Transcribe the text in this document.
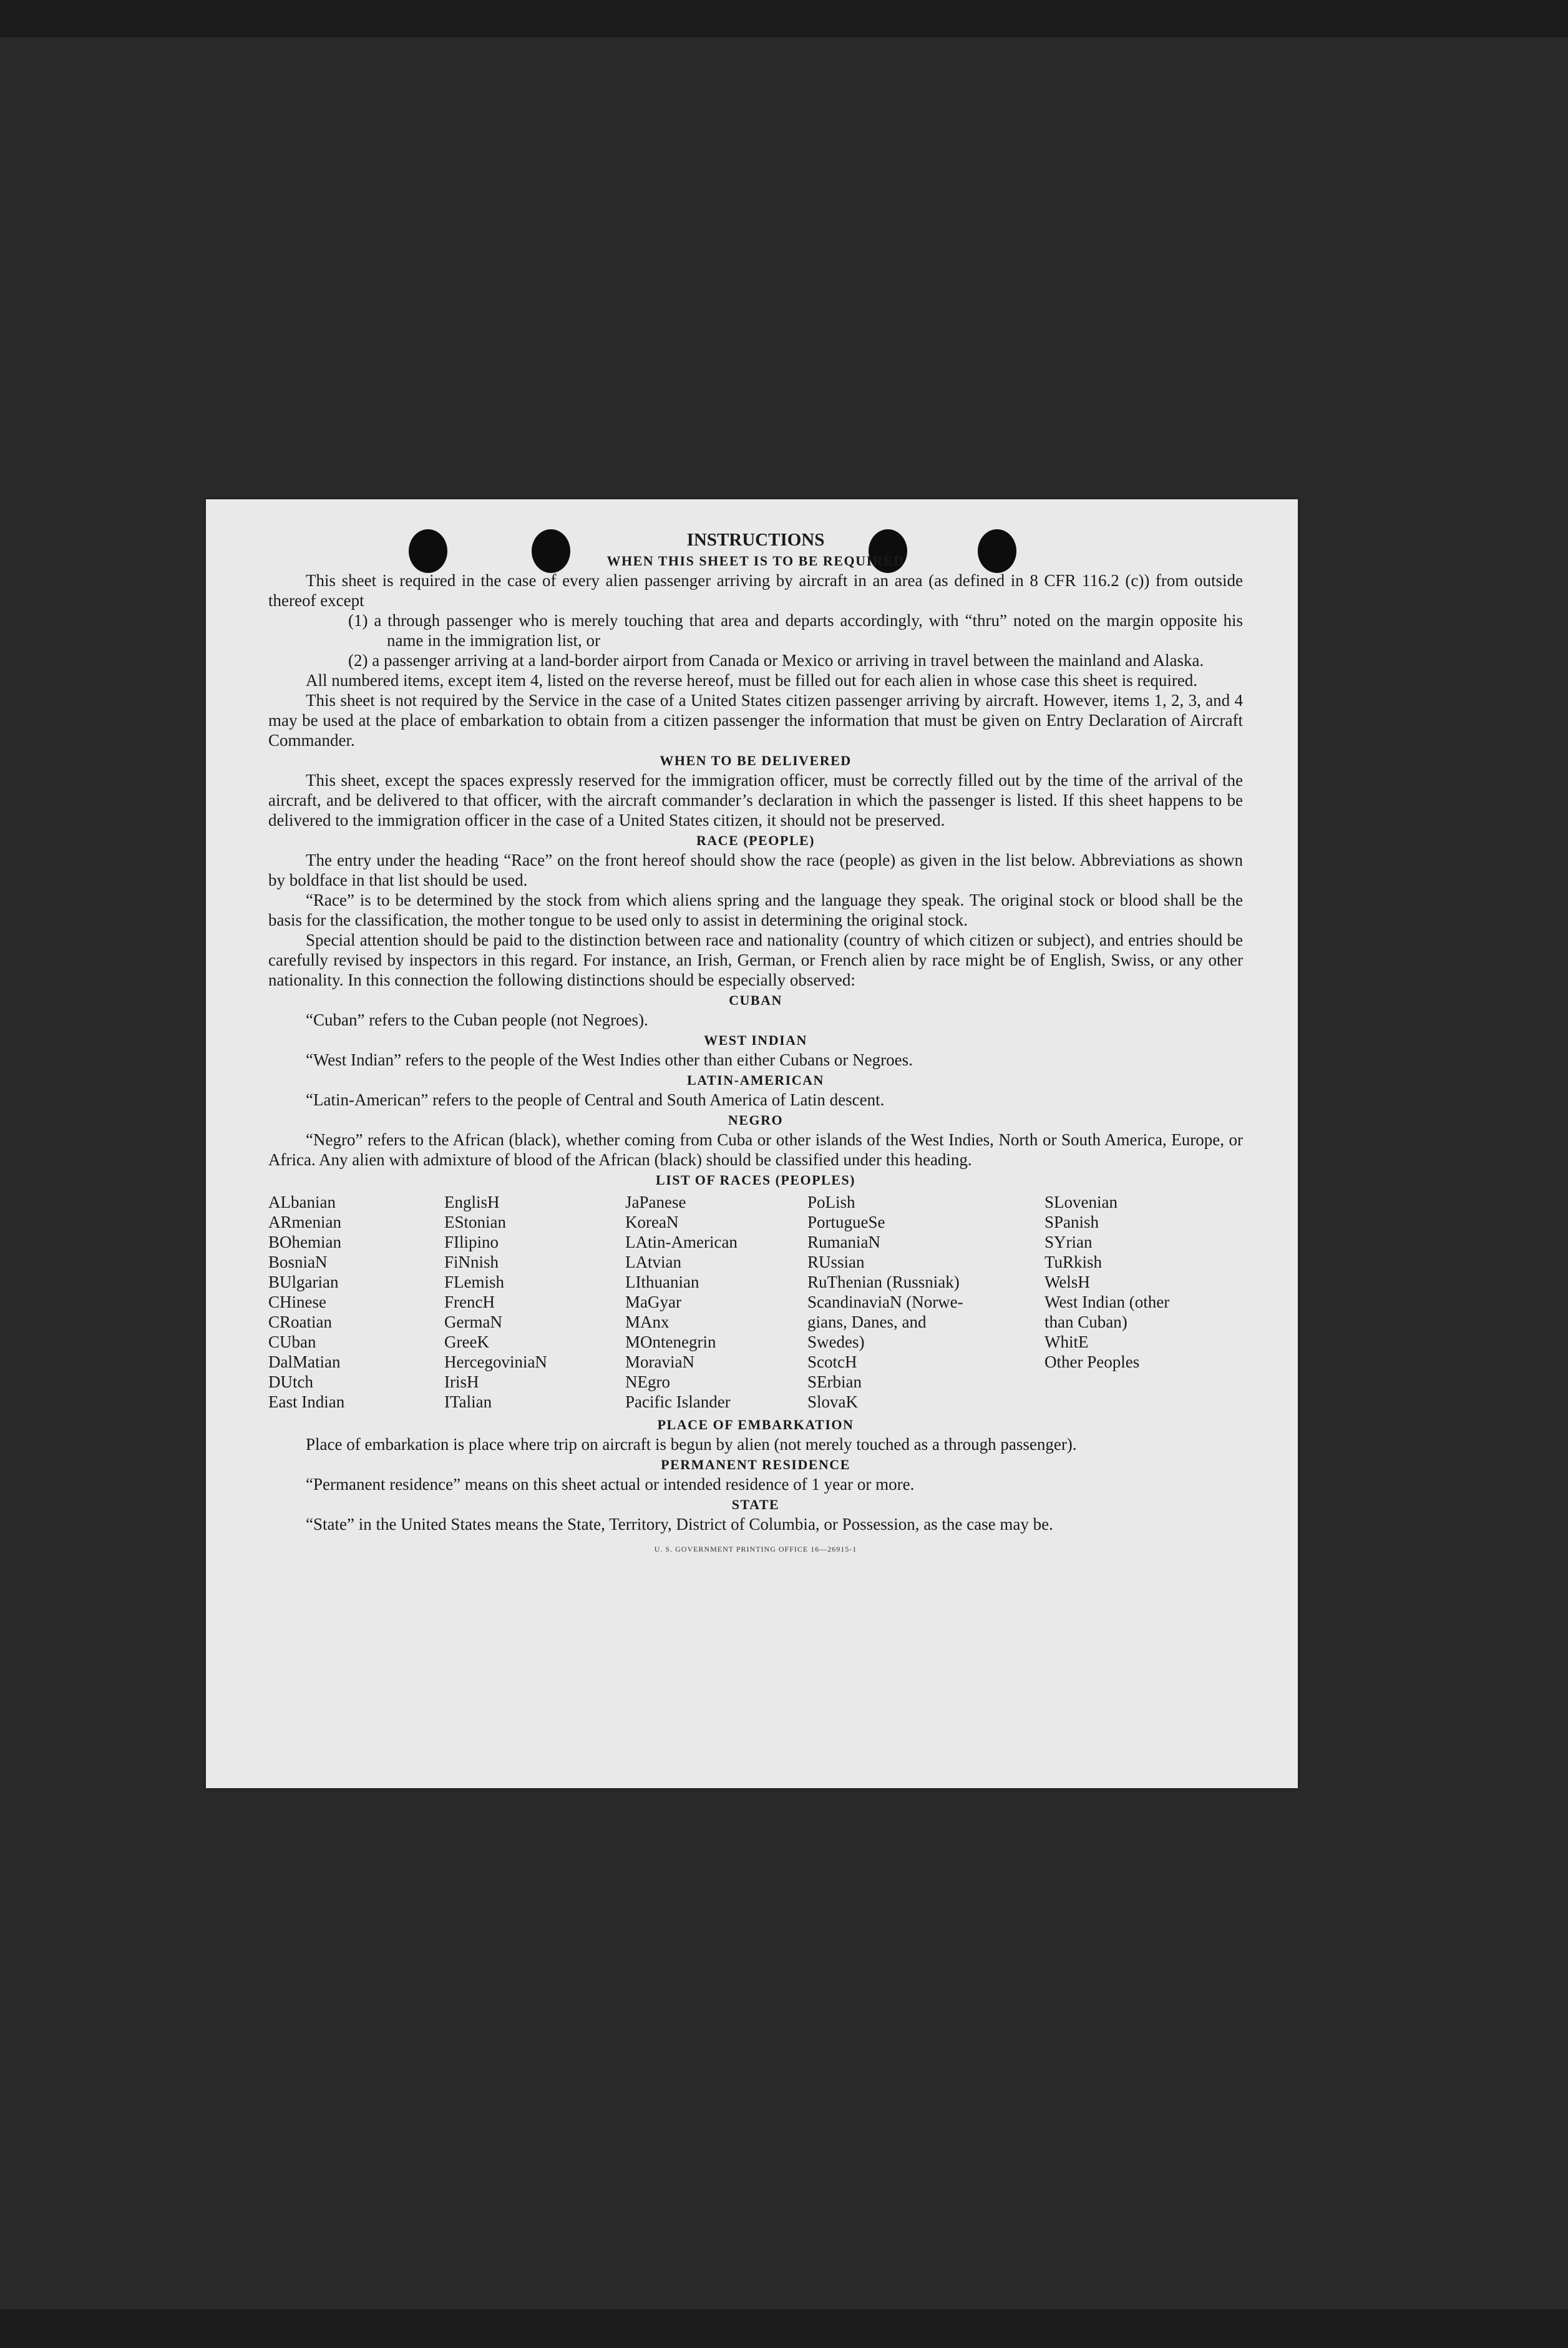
INSTRUCTIONS
WHEN THIS SHEET IS TO BE REQUIRED

This sheet is required in the case of every alien passenger arriving by aircraft in an area (as defined in 8 CFR 116.2 (c)) from outside thereof except

(1) a through passenger who is merely touching that area and departs accordingly, with “thru” noted on the margin opposite his name in the immigration list, or

(2) a passenger arriving at a land-border airport from Canada or Mexico or arriving in travel between the mainland and Alaska.

All numbered items, except item 4, listed on the reverse hereof, must be filled out for each alien in whose case this sheet is required.

This sheet is not required by the Service in the case of a United States citizen passenger arriving by aircraft. However, items 1, 2, 3, and 4 may be used at the place of embarkation to obtain from a citizen passenger the information that must be given on Entry Declaration of Aircraft Commander.

WHEN TO BE DELIVERED

This sheet, except the spaces expressly reserved for the immigration officer, must be correctly filled out by the time of the arrival of the aircraft, and be delivered to that officer, with the aircraft commander’s declaration in which the passenger is listed. If this sheet happens to be delivered to the immigration officer in the case of a United States citizen, it should not be preserved.

RACE (PEOPLE)

The entry under the heading “Race” on the front hereof should show the race (people) as given in the list below. Abbreviations as shown by boldface in that list should be used.

“Race” is to be determined by the stock from which aliens spring and the language they speak. The original stock or blood shall be the basis for the classification, the mother tongue to be used only to assist in determining the original stock.

Special attention should be paid to the distinction between race and nationality (country of which citizen or subject), and entries should be carefully revised by inspectors in this regard. For instance, an Irish, German, or French alien by race might be of English, Swiss, or any other nationality. In this connection the following distinctions should be especially observed:

CUBAN

“Cuban” refers to the Cuban people (not Negroes).

WEST INDIAN

“West Indian” refers to the people of the West Indies other than either Cubans or Negroes.

LATIN-AMERICAN

“Latin-American” refers to the people of Central and South America of Latin descent.

NEGRO

“Negro” refers to the African (black), whether coming from Cuba or other islands of the West Indies, North or South America, Europe, or Africa. Any alien with admixture of blood of the African (black) should be classified under this heading.

LIST OF RACES (PEOPLES)
ALbanian
ARmenian
BOhemian
BosniaN
BUlgarian
CHinese
CRoatian
CUban
DalMatian
DUtch
East Indian
EnglisH
EStonian
FIlipino
FiNnish
FLemish
FrencH
GermaN
GreeK
HercegoviniaN
IrisH
ITalian
JaPanese
KoreaN
LAtin-American
LAtvian
LIthuanian
MaGyar
MAnx
MOntenegrin
MoraviaN
NEgro
Pacific Islander
PoLish
PortugueSe
RumaniaN
RUssian
RuThenian (Russniak)
ScandinaviaN (Norwe-
gians, Danes, and
Swedes)
ScotcH
SErbian
SlovaK
SLovenian
SPanish
SYrian
TuRkish
WelsH
West Indian (other
than Cuban)
WhitE
Other Peoples
PLACE OF EMBARKATION

Place of embarkation is place where trip on aircraft is begun by alien (not merely touched as a through passenger).

PERMANENT RESIDENCE

“Permanent residence” means on this sheet actual or intended residence of 1 year or more.

STATE

“State” in the United States means the State, Territory, District of Columbia, or Possession, as the case may be.

U. S. GOVERNMENT PRINTING OFFICE 16—26915-1
